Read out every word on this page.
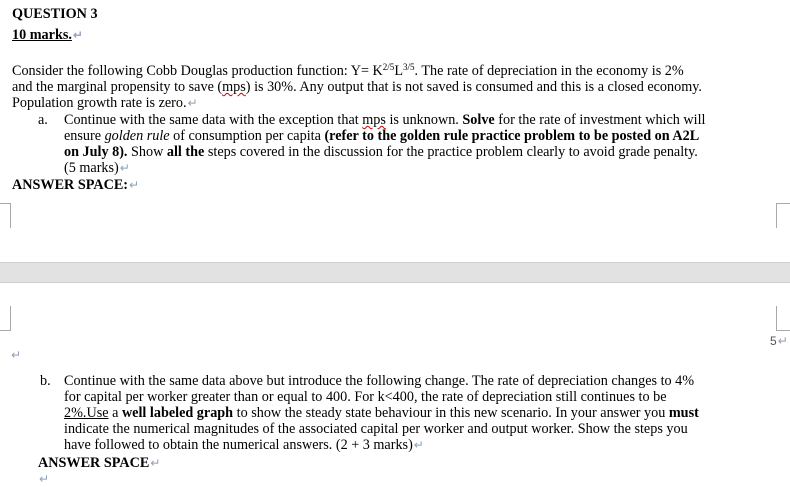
QUESTION 3
10 marks.↵
Consider the following Cobb Douglas production function: $Y= K^{2/5}L^{3/5}$. The rate of depreciation in the economy is 2%
and the marginal propensity to save (mps) is 30%. Any output that is not saved is consumed and this is a closed economy.
Population growth rate is zero.↵
a. Continue with the same data with the exception that mps is unknown. Solve for the rate of investment which will
ensure golden rule of consumption per capita (refer to the golden rule practice problem to be posted on A2L
on July 8). Show all the steps covered in the discussion for the practice problem clearly to avoid grade penalty.
(5 marks)↵
ANSWER SPACE:↵
5↵
↵
b. Continue with the same data above but introduce the following change. The rate of depreciation changes to 4%
for capital per worker greater than or equal to 400. For k<400, the rate of depreciation still continues to be
2%.Use a well labeled graph to show the steady state behaviour in this new scenario. In your answer you must
indicate the numerical magnitudes of the associated capital per worker and output worker. Show the steps you
have followed to obtain the numerical answers. (2 + 3 marks)↵
ANSWER SPACE↵
↵
